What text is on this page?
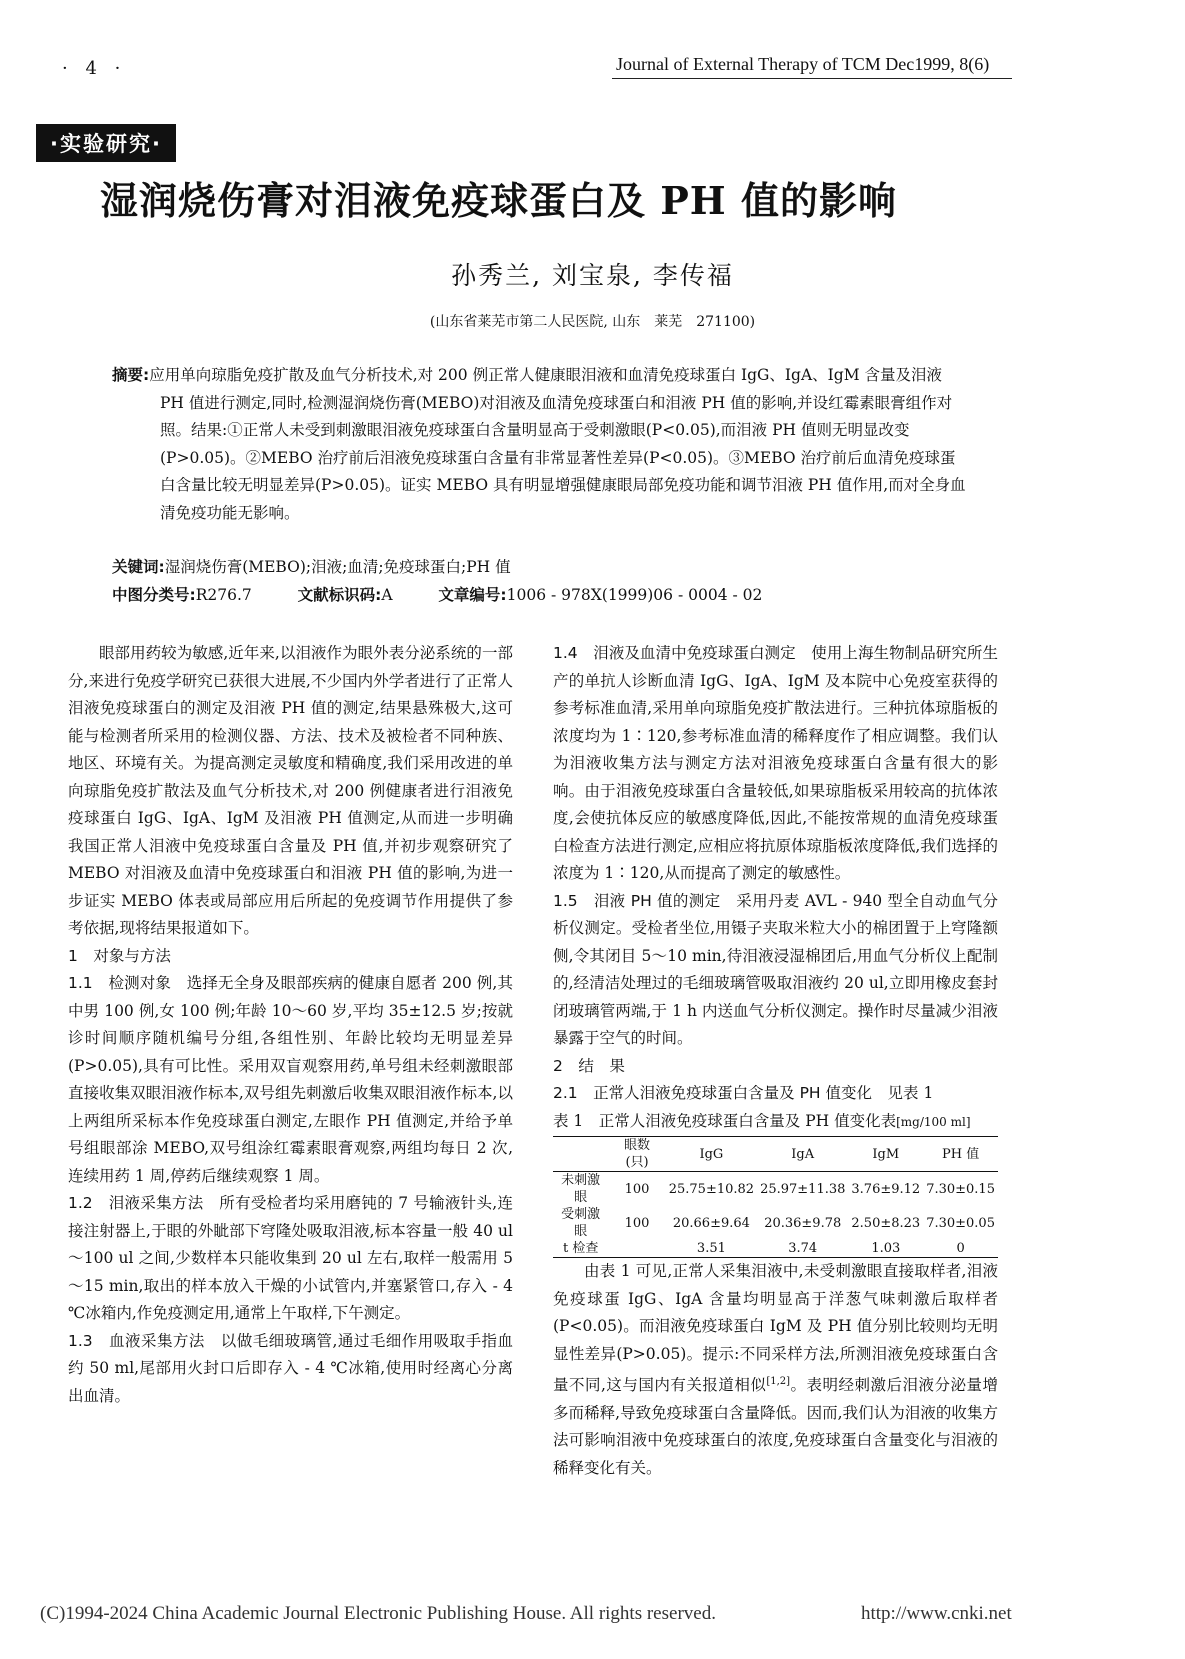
· 4 ·	Journal of External Therapy of TCM Dec1999, 8(6)
·实验研究·
湿润烧伤膏对泪液免疫球蛋白及 PH 值的影响
孙秀兰, 刘宝泉, 李传福
(山东省莱芜市第二人民医院, 山东　莱芜　271100)
摘要:应用单向琼脂免疫扩散及血气分析技术,对 200 例正常人健康眼泪液和血清免疫球蛋白 IgG、IgA、IgM 含量及泪液 PH 值进行测定,同时,检测湿润烧伤膏(MEBO)对泪液及血清免疫球蛋白和泪液 PH 值的影响,并设红霉素眼膏组作对照。结果:①正常人未受到刺激眼泪液免疫球蛋白含量明显高于受刺激眼(P<0.05),而泪液 PH 值则无明显改变(P>0.05)。②MEBO 治疗前后泪液免疫球蛋白含量有非常显著性差异(P<0.05)。③MEBO 治疗前后血清免疫球蛋白含量比较无明显差异(P>0.05)。证实 MEBO 具有明显增强健康眼局部免疫功能和调节泪液 PH 值作用,而对全身血清免疫功能无影响。
关键词:湿润烧伤膏(MEBO);泪液;血清;免疫球蛋白;PH 值
中图分类号:R276.7	文献标识码:A	文章编号:1006 - 978X(1999)06 - 0004 - 02

眼部用药较为敏感,近年来,以泪液作为眼外表分泌系统的一部分,来进行免疫学研究已获很大进展,不少国内外学者进行了正常人泪液免疫球蛋白的测定及泪液 PH 值的测定,结果悬殊极大,这可能与检测者所采用的检测仪器、方法、技术及被检者不同种族、地区、环境有关。为提高测定灵敏度和精确度,我们采用改进的单向琼脂免疫扩散法及血气分析技术,对 200 例健康者进行泪液免疫球蛋白 IgG、IgA、IgM 及泪液 PH 值测定,从而进一步明确我国正常人泪液中免疫球蛋白含量及 PH 值,并初步观察研究了 MEBO 对泪液及血清中免疫球蛋白和泪液 PH 值的影响,为进一步证实 MEBO 体表或局部应用后所起的免疫调节作用提供了参考依据,现将结果报道如下。

1　对象与方法

1.1　检测对象　 选择无全身及眼部疾病的健康自愿者 200 例,其中男 100 例,女 100 例;年龄 10～60 岁,平均 35±12.5 岁;按就诊时间顺序随机编号分组,各组性别、年龄比较均无明显差异(P>0.05),具有可比性。采用双盲观察用药,单号组未经刺激眼部直接收集双眼泪液作标本,双号组先刺激后收集双眼泪液作标本,以上两组所采标本作免疫球蛋白测定,左眼作 PH 值测定,并给予单号组眼部涂 MEBO,双号组涂红霉素眼膏观察,两组均每日 2 次,连续用药 1 周,停药后继续观察 1 周。

1.2　泪液采集方法　 所有受检者均采用磨钝的 7 号输液针头,连接注射器上,于眼的外眦部下穹隆处吸取泪液,标本容量一般 40 ul～100 ul 之间,少数样本只能收集到 20 ul 左右,取样一般需用 5～15 min,取出的样本放入干燥的小试管内,并塞紧管口,存入 - 4 ℃冰箱内,作免疫测定用,通常上午取样,下午测定。

1.3　血液采集方法　 以做毛细玻璃管,通过毛细作用吸取手指血约 50 ml,尾部用火封口后即存入 - 4 ℃冰箱,使用时经离心分离出血清。

1.4　泪液及血清中免疫球蛋白测定　 使用上海生物制品研究所生产的单抗人诊断血清 IgG、IgA、IgM 及本院中心免疫室获得的参考标准血清,采用单向琼脂免疫扩散法进行。三种抗体琼脂板的浓度均为 1∶120,参考标准血清的稀释度作了相应调整。我们认为泪液收集方法与测定方法对泪液免疫球蛋白含量有很大的影响。由于泪液免疫球蛋白含量较低,如果琼脂板采用较高的抗体浓度,会使抗体反应的敏感度降低,因此,不能按常规的血清免疫球蛋白检查方法进行测定,应相应将抗原体琼脂板浓度降低,我们选择的浓度为 1∶120,从而提高了测定的敏感性。

1.5　泪液 PH 值的测定　 采用丹麦 AVL - 940 型全自动血气分析仪测定。受检者坐位,用镊子夹取米粒大小的棉团置于上穹隆额侧,令其闭目 5～10 min,待泪液浸湿棉团后,用血气分析仪上配制的,经清洁处理过的毛细玻璃管吸取泪液约 20 ul,立即用橡皮套封闭玻璃管两端,于 1 h 内送血气分析仪测定。操作时尽量减少泪液暴露于空气的时间。

2　结　果

2.1　正常人泪液免疫球蛋白含量及 PH 值变化　 见表 1

表 1　正常人泪液免疫球蛋白含量及 PH 值变化表[mg/100 ml]
	眼数 (只)	IgG	IgA	IgM	PH 值
未刺激眼	100	25.75±10.82	25.97±11.38	3.76±9.12	7.30±0.15
受刺激眼	100	20.66±9.64	20.36±9.78	2.50±8.23	7.30±0.05
t 检查		3.51	3.74	1.03	0

由表 1 可见,正常人采集泪液中,未受刺激眼直接取样者,泪液免疫球蛋 IgG、IgA 含量均明显高于洋葱气味刺激后取样者(P<0.05)。而泪液免疫球蛋白 IgM 及 PH 值分别比较则均无明显性差异(P>0.05)。提示:不同采样方法,所测泪液免疫球蛋白含量不同,这与国内有关报道相似[1,2]。表明经刺激后泪液分泌量增多而稀释,导致免疫球蛋白含量降低。因而,我们认为泪液的收集方法可影响泪液中免疫球蛋白的浓度,免疫球蛋白含量变化与泪液的稀释变化有关。

(C)1994-2024 China Academic Journal Electronic Publishing House. All rights reserved.	http://www.cnki.net
